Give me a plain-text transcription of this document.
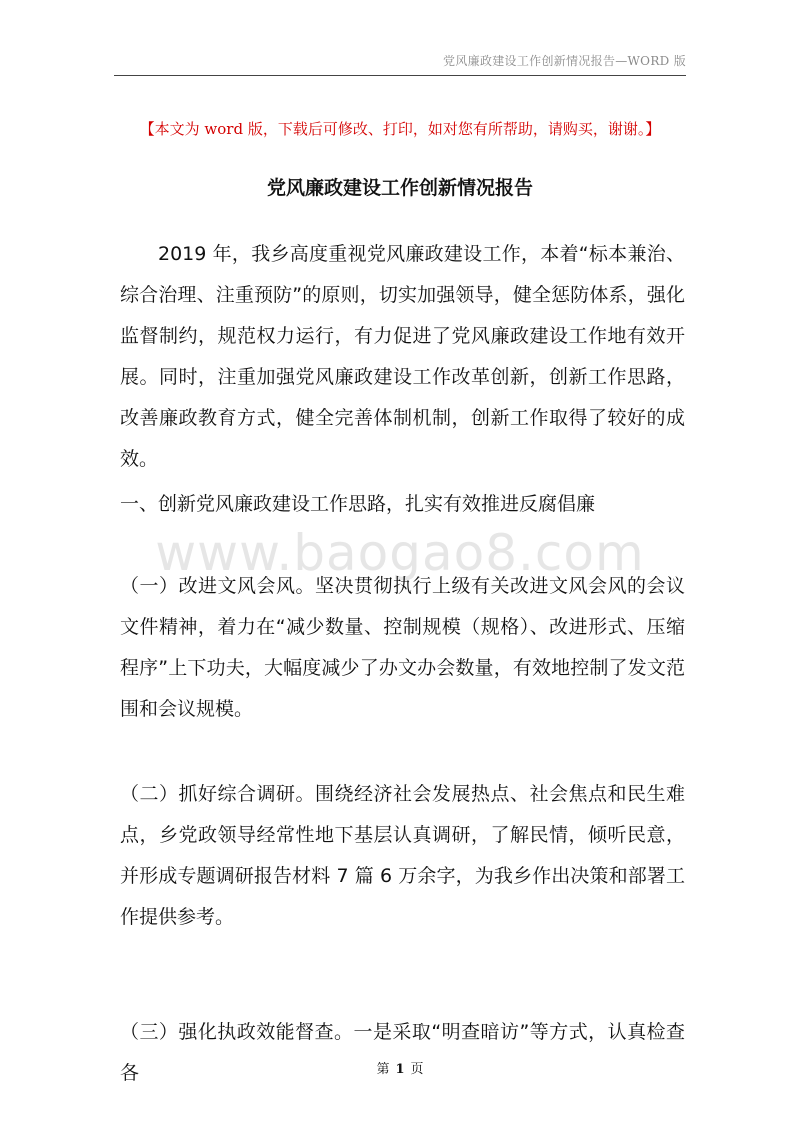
党风廉政建设工作创新情况报告—WORD 版
【本文为 word 版，下载后可修改、打印，如对您有所帮助，请购买，谢谢。】
党风廉政建设工作创新情况报告
2019 年，我乡高度重视党风廉政建设工作，本着“标本兼治、综合治理、注重预防”的原则，切实加强领导，健全惩防体系，强化监督制约，规范权力运行，有力促进了党风廉政建设工作地有效开展。同时，注重加强党风廉政建设工作改革创新，创新工作思路，改善廉政教育方式，健全完善体制机制，创新工作取得了较好的成效。
一、创新党风廉政建设工作思路，扎实有效推进反腐倡廉
www.baogao8.com
（一）改进文风会风。坚决贯彻执行上级有关改进文风会风的会议文件精神，着力在“减少数量、控制规模（规格）、改进形式、压缩程序”上下功夫，大幅度减少了办文办会数量，有效地控制了发文范围和会议规模。
（二）抓好综合调研。围绕经济社会发展热点、社会焦点和民生难点，乡党政领导经常性地下基层认真调研，了解民情，倾听民意，并形成专题调研报告材料 7 篇 6 万余字，为我乡作出决策和部署工作提供参考。
（三）强化执政效能督查。一是采取“明查暗访”等方式，认真检查各	第 1 页
